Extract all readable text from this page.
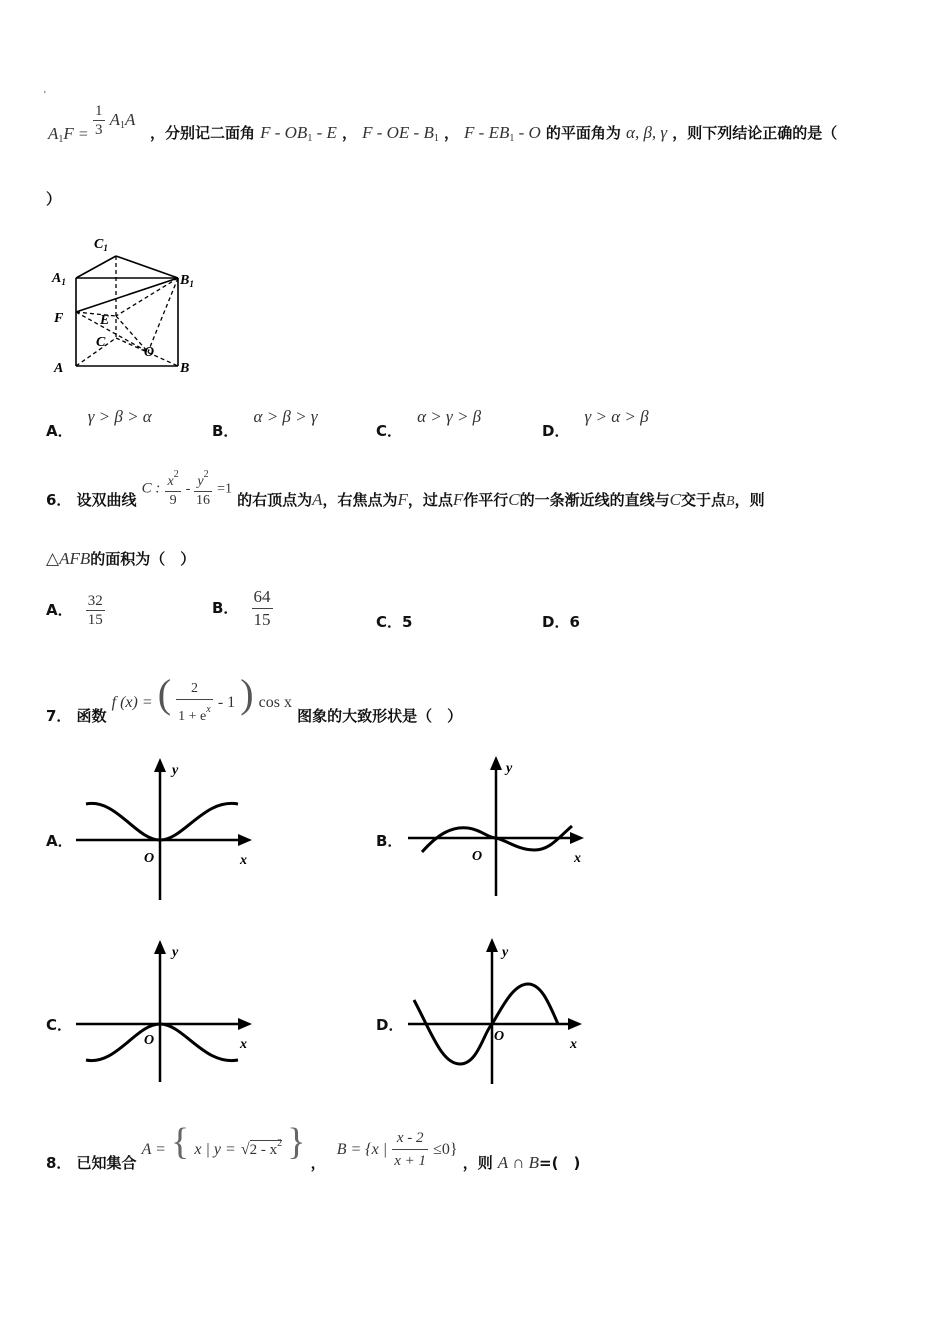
'
$A_1F = \frac{1}{3} A_1A$
，分别记二面角 F - $OB_1$ - E ， F - OE - $B_1$ ， F - $EB_1$ - O 的平面角为 α, β, γ ，则下列结论正确的是（
）
$C_1$
$A_1$	$B_1$
F	E
C
O
A	B
A． γ > β > α
B． α > β > γ
C． α > γ > β
D． γ > α > β
6． 设双曲线 C : $\frac{x^2}{9} - \frac{y^2}{16} =1$ 的右顶点为A，右焦点为F，过点F作平行C的一条渐近线的直线与C交于点B，则
△AFB的面积为（　）
A． $\frac{32}{15}$	B． $\frac{64}{15}$	C．5	D．6
7． 函数 f (x) = ( $\frac{2}{1 + e^x} - 1$ ) cos x 图象的大致形状是（　）
A．
y
x
O
B．
y
x
O
C．
y
x
O
D．
y
x
O
8． 已知集合 A = { x | $y = √2 - x^2$ } ， B = {x | $\frac{x - 2}{x + 1} \le 0$} ，则 A ∩ B=(　)
